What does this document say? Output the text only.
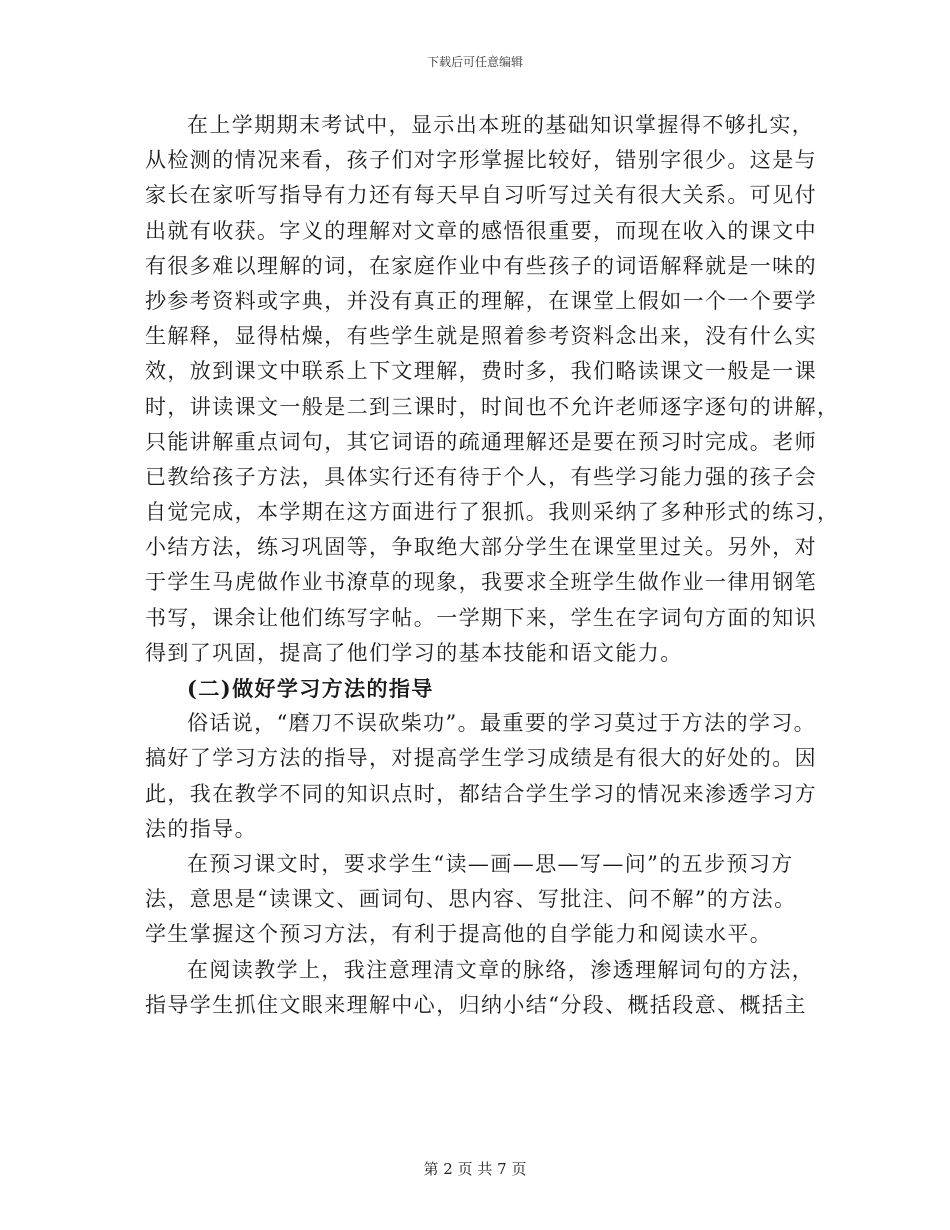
下载后可任意编辑
在上学期期末考试中，显示出本班的基础知识掌握得不够扎实，
从检测的情况来看，孩子们对字形掌握比较好，错别字很少。这是与
家长在家听写指导有力还有每天早自习听写过关有很大关系。可见付
出就有收获。字义的理解对文章的感悟很重要，而现在收入的课文中
有很多难以理解的词，在家庭作业中有些孩子的词语解释就是一味的
抄参考资料或字典，并没有真正的理解，在课堂上假如一个一个要学
生解释，显得枯燥，有些学生就是照着参考资料念出来，没有什么实
效，放到课文中联系上下文理解，费时多，我们略读课文一般是一课
时，讲读课文一般是二到三课时，时间也不允许老师逐字逐句的讲解，
只能讲解重点词句，其它词语的疏通理解还是要在预习时完成。老师
已教给孩子方法，具体实行还有待于个人，有些学习能力强的孩子会
自觉完成，本学期在这方面进行了狠抓。我则采纳了多种形式的练习，
小结方法，练习巩固等，争取绝大部分学生在课堂里过关。另外，对
于学生马虎做作业书潦草的现象，我要求全班学生做作业一律用钢笔
书写，课余让他们练写字帖。一学期下来，学生在字词句方面的知识
得到了巩固，提高了他们学习的基本技能和语文能力。
(二)做好学习方法的指导
俗话说，“磨刀不误砍柴功”。最重要的学习莫过于方法的学习。
搞好了学习方法的指导，对提高学生学习成绩是有很大的好处的。因
此，我在教学不同的知识点时，都结合学生学习的情况来渗透学习方
法的指导。
在预习课文时，要求学生“读—画—思—写—问”的五步预习方
法，意思是“读课文、画词句、思内容、写批注、问不解”的方法。
学生掌握这个预习方法，有利于提高他的自学能力和阅读水平。
在阅读教学上，我注意理清文章的脉络，渗透理解词句的方法，
指导学生抓住文眼来理解中心，归纳小结“分段、概括段意、概括主
第 2 页 共 7 页
